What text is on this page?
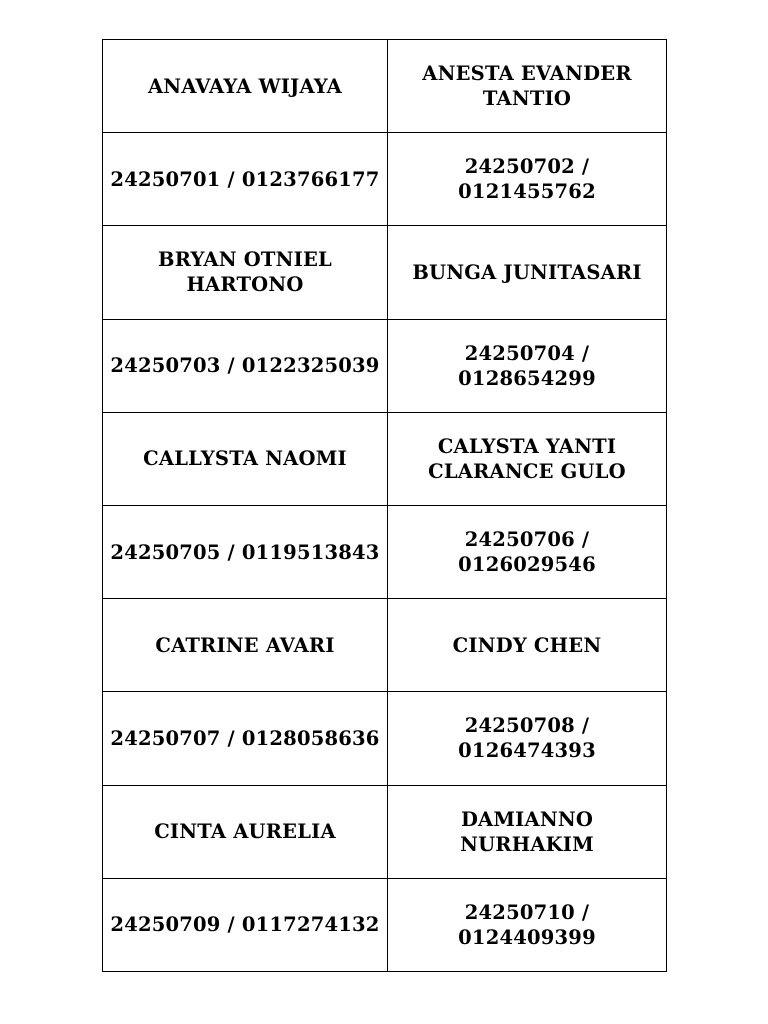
ANAVAYA WIJAYA	ANESTA EVANDER TANTIO
24250701 / 0123766177	24250702 / 0121455762
BRYAN OTNIEL HARTONO	BUNGA JUNITASARI
24250703 / 0122325039	24250704 / 0128654299
CALLYSTA NAOMI	CALYSTA YANTI CLARANCE GULO
24250705 / 0119513843	24250706 / 0126029546
CATRINE AVARI	CINDY CHEN
24250707 / 0128058636	24250708 / 0126474393
CINTA AURELIA	DAMIANNO NURHAKIM
24250709 / 0117274132	24250710 / 0124409399
